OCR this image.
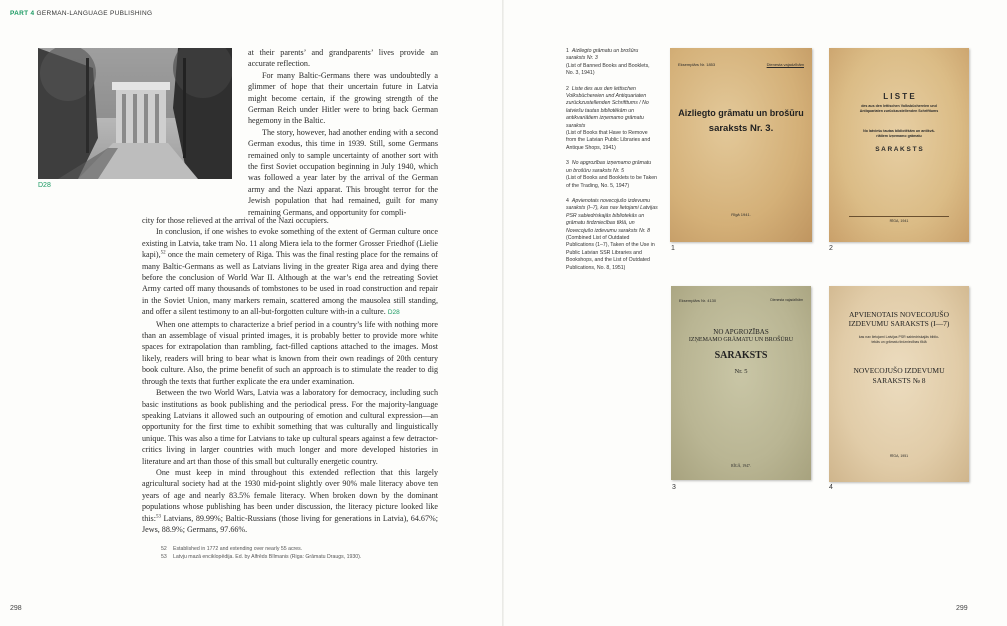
PART 4 GERMAN-LANGUAGE PUBLISHING
D28

at their parents’ and grandparents’ lives provide an accurate reflection.

For many Baltic-Germans there was undoubtedly a glimmer of hope that their uncertain future in Latvia might become certain, if the growing strength of the German Reich under Hitler were to bring back German hegemony in the Baltic.

The story, however, had another ending with a second German exodus, this time in 1939. Still, some Germans remained only to sample uncertainty of another sort with the first Soviet occupation beginning in July 1940, which was followed a year later by the arrival of the German army and the Nazi apparat. This brought terror for the Jewish population that had remained, guilt for many remaining Germans, and opportunity for compli-

city for those relieved at the arrival of the Nazi occupiers.

In conclusion, if one wishes to evoke something of the extent of German culture once existing in Latvia, take tram No. 11 along Miera iela to the former Grosser Friedhof (Lielie kapi),$^{52}$ once the main cemetery of Riga. This was the final resting place for the remains of many Baltic-Germans as well as Latvians living in the greater Riga area and dying there before the conclusion of World War II. Although at the war’s end the retreating Soviet Army carted off many thousands of tombstones to be used in road construction and repair in the Soviet Union, many markers remain, scattered among the mausolea still standing, and offer a silent testimony to an all-but-forgotten culture with-in a culture. D28

When one attempts to characterize a brief period in a country’s life with nothing more than an assemblage of visual printed images, it is probably better to provide more white spaces for extrapolation than rambling, fact-filled captions attached to the images. Most likely, readers will bring to bear what is known from their own readings of 20th century book culture. Also, the prime benefit of such an approach is to stimulate the reader to dig through the texts that further explicate the era under examination.

Between the two World Wars, Latvia was a laboratory for democracy, including such basic institutions as book publishing and the periodical press. For the majority-language speaking Latvians it allowed such an outpouring of emotion and cultural expression—an opportunity for the first time to exhibit something that was culturally and linguistically unique. This was also a time for Latvians to take up cultural spears against a few detractor-critics living in larger countries with much longer and more developed histories in literature and art than those of this small but culturally energetic country.

One must keep in mind throughout this extended reflection that this largely agricultural society had at the 1930 mid-point slightly over 90% male literacy above ten years of age and nearly 83.5% female literacy. When broken down by the dominant populations whose publishing has been under discussion, the literacy picture looked like this:$^{53}$ Latvians, 89.99%; Baltic-Russians (those living for generations in Latvia), 64.67%; Jews, 88.9%; Germans, 97.66%.

52 Established in 1772 and extending over nearly 55 acres.
53 Latvju mazā enciklopēdija. Ed. by Alfrēds Bīlmanis (Riga: Grāmatu Draugs, 1930).
298
1 Aizliegto grāmatu un brošūru saraksts Nr. 3
(List of Banned Books and Booklets, No. 3, 1941)
2 Liste des aus den lettischen Volksbüchereien und Antiquariaten zurückzustellenden Schrifttums / No latviešu tautas bibliotēkām un antikvariātiem izņemamo grāmatu saraksts
(List of Books that Have to Remove from the Latvian Public Libraries and Antique Shops, 1941)
3 No apgrozības izņemamo grāmatu un brošūru saraksts Nr. 5
(List of Books and Booklets to be Taken of the Trading, No. 5, 1947)
4 Apvienotais novecojušo izdevumu saraksts (I–7), kas nav lietojami Latvijas PSR sabiedriskajās bibliotekās un grāmatu tirdzniecības tīklā, un Novecojušo izdevumu saraksts Nr. 8
(Combined List of Outdated Publications (1–7), Taken of the Use in Public Latvian SSR Libraries and Bookshops, and the List of Outdated Publications, No. 8, 1951)
Eksemplārs Nr. 1853	Dienesta vajadzībām
Aizliegto grāmatu un brošūru
saraksts Nr. 3.
Rīgā 1941.
1
L I S T E
des aus den lettischen Volksbüchereien und
Antiquariaten zurückzustellenden Schrifttums
No latviešu tautas bibliotēkām un antikvā-
riātiem izņemamo grāmatu
S A R A K S T S
RĪGA, 1941
2
Eksemplārs Nr. 4130	Dienesta vajadzībām
NO APGROZĪBAS
IZŅEMAMO GRĀMATU UN BROŠŪRU
SARAKSTS
Nr. 5
RĪGĀ, 1947.
3
APVIENOTAIS NOVECOJUŠO
IZDEVUMU SARAKSTS (I—7)
kas nav lietojami Latvijas PSR sabiedriskajās biblio-
tekās un grāmatu tirdzniecības tīklā
NOVECOJUŠO IZDEVUMU
SARAKSTS № 8
RĪGA, 1951
4
299
